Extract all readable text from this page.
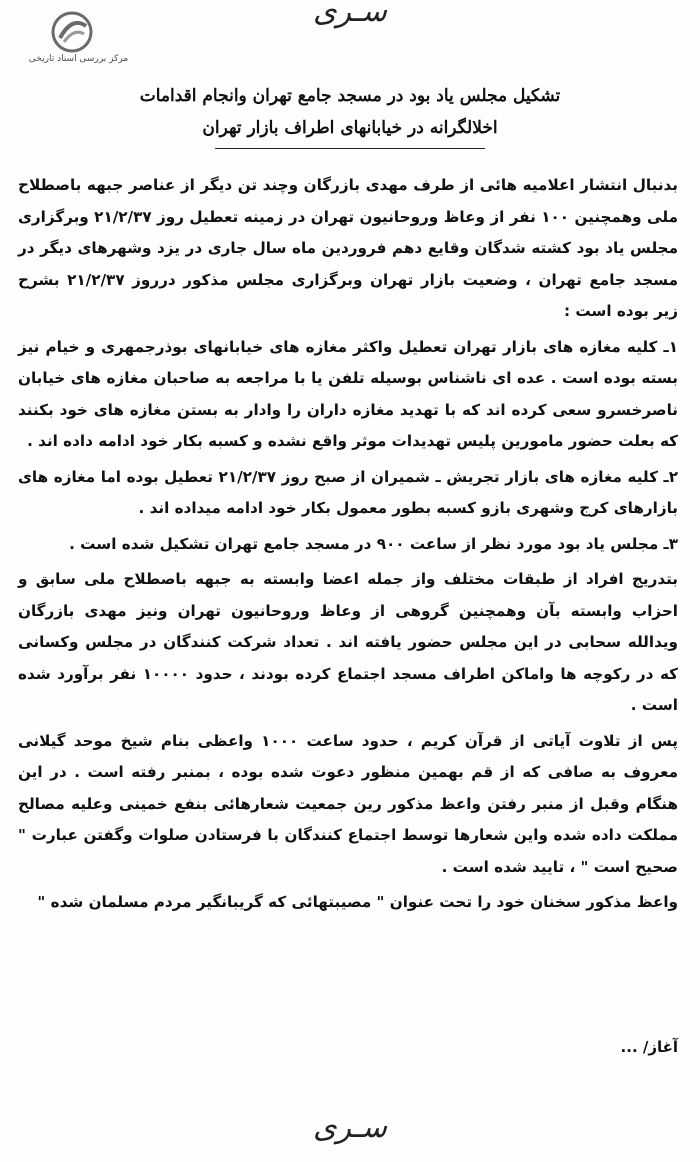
سـرى
مرکز بررسی اسناد تاریخی
تشکیل مجلس یاد بود در مسجد جامع تهران وانجام اقدامات
اخلالگرانه در خیابانهای اطراف بازار تهران

بدنبال انتشار اعلامیه هائی از طرف مهدی بازرگان وچند تن دیگر از عناصر جبهه باصطلاح ملی وهمچنین ۱۰۰ نفر از وعاظ وروحانیون تهران در زمینه تعطیل روز ۲۱/۲/۳۷ وبرگزاری مجلس یاد بود کشته شدگان وقایع دهم فروردین ماه سال جاری در یزد وشهرهای دیگر در مسجد جامع تهران ، وضعیت بازار تهران وبرگزاری مجلس مذکور درروز ۲۱/۲/۳۷ بشرح زیر بوده است :

۱ـ کلیه مغازه های بازار تهران تعطیل واکثر مغازه های خیابانهای بوذرجمهری و خیام نیز بسته بوده است . عده ای ناشناس بوسیله تلفن یا با مراجعه به صاحبان مغازه های خیابان ناصرخسرو سعی کرده اند که با تهدید مغازه داران را وادار به بستن مغازه های خود بکنند که بعلت حضور مامورین پلیس تهدیدات موثر واقع نشده و کسبه بکار خود ادامه داده اند .

۲ـ کلیه مغازه های بازار تجریش ـ شمیران از صبح روز ۲۱/۲/۳۷ تعطیل بوده اما مغازه های بازارهای کرج وشهری بازو کسبه بطور معمول بکار خود ادامه میداده اند .

۳ـ مجلس یاد بود مورد نظر از ساعت ۹۰۰ در مسجد جامع تهران تشکیل شده است .

بتدریج افراد از طبقات مختلف واز جمله اعضا وابسته به جبهه باصطلاح ملی سابق و احزاب وابسته بآن وهمچنین گروهی از وعاظ وروحانیون تهران ونیز مهدی بازرگان ویدالله سحابی در این مجلس حضور یافته اند . تعداد شرکت کنندگان در مجلس وکسانی که در رکوچه ها واماکن اطراف مسجد اجتماع کرده بودند ، حدود ۱۰۰۰۰ نفر برآورد شده است .

پس از تلاوت آیاتی از قرآن کریم ، حدود ساعت ۱۰۰۰ واعظی بنام شیخ موحد گیلانی معروف به صافی که از قم بهمین منظور دعوت شده بوده ، بمنبر رفته است . در این هنگام وقبل از منبر رفتن واعظ مذکور رین جمعیت شعارهائی بنفع خمینی وعلیه مصالح مملکت داده شده واین شعارها توسط اجتماع کنندگان با فرستادن صلوات وگفتن عبارت " صحیح است " ، تایید شده است .

واعظ مذکور سخنان خود را تحت عنوان " مصیبتهائی که گریبانگیر مردم مسلمان شده "

آغاز/ ...
سـرى
